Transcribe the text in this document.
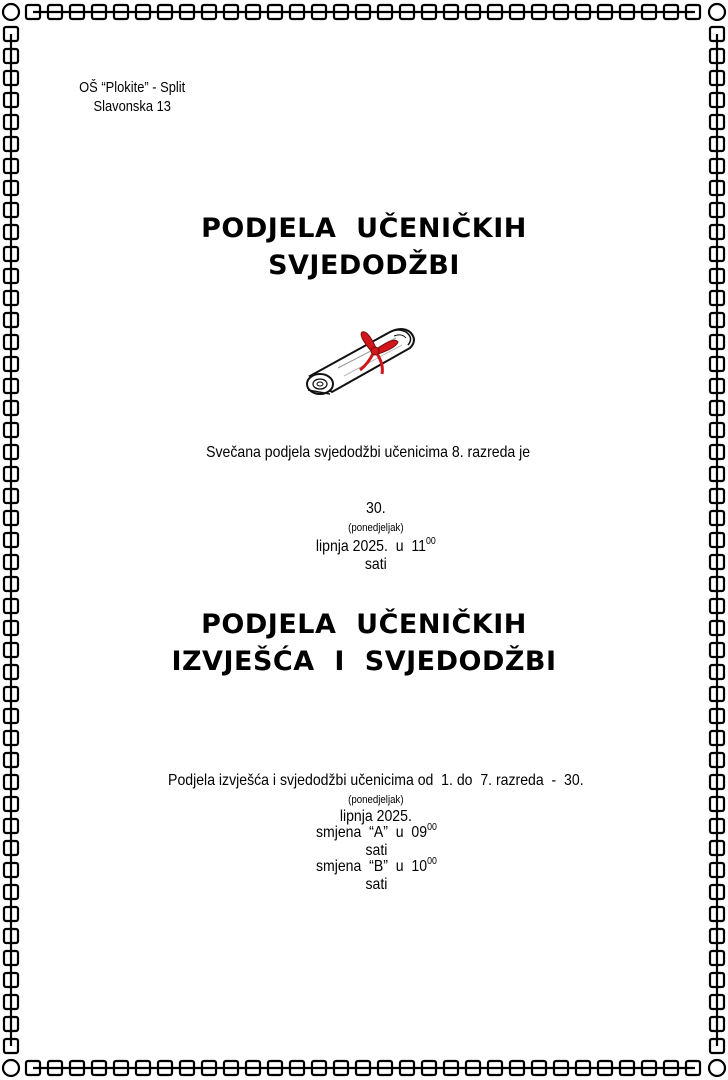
OŠ “Plokite” - Split
Slavonska 13
PODJELA  UČENIČKIH
SVJEDODŽBI

Svečana podjela svjedodžbi učenicima 8. razreda je

30.
(ponedjeljak)
lipnja 2025.  u  $11^{00}$
sati

PODJELA  UČENIČKIH
IZVJEŠĆA  I  SVJEDODŽBI

Podjela izvješća i svjedodžbi učenicima od  1. do  7. razreda  -  30.
(ponedjeljak)
lipnja 2025.

smjena  “A”  u  $09^{00}$
sati

smjena  “B”  u  $10^{00}$
sati
